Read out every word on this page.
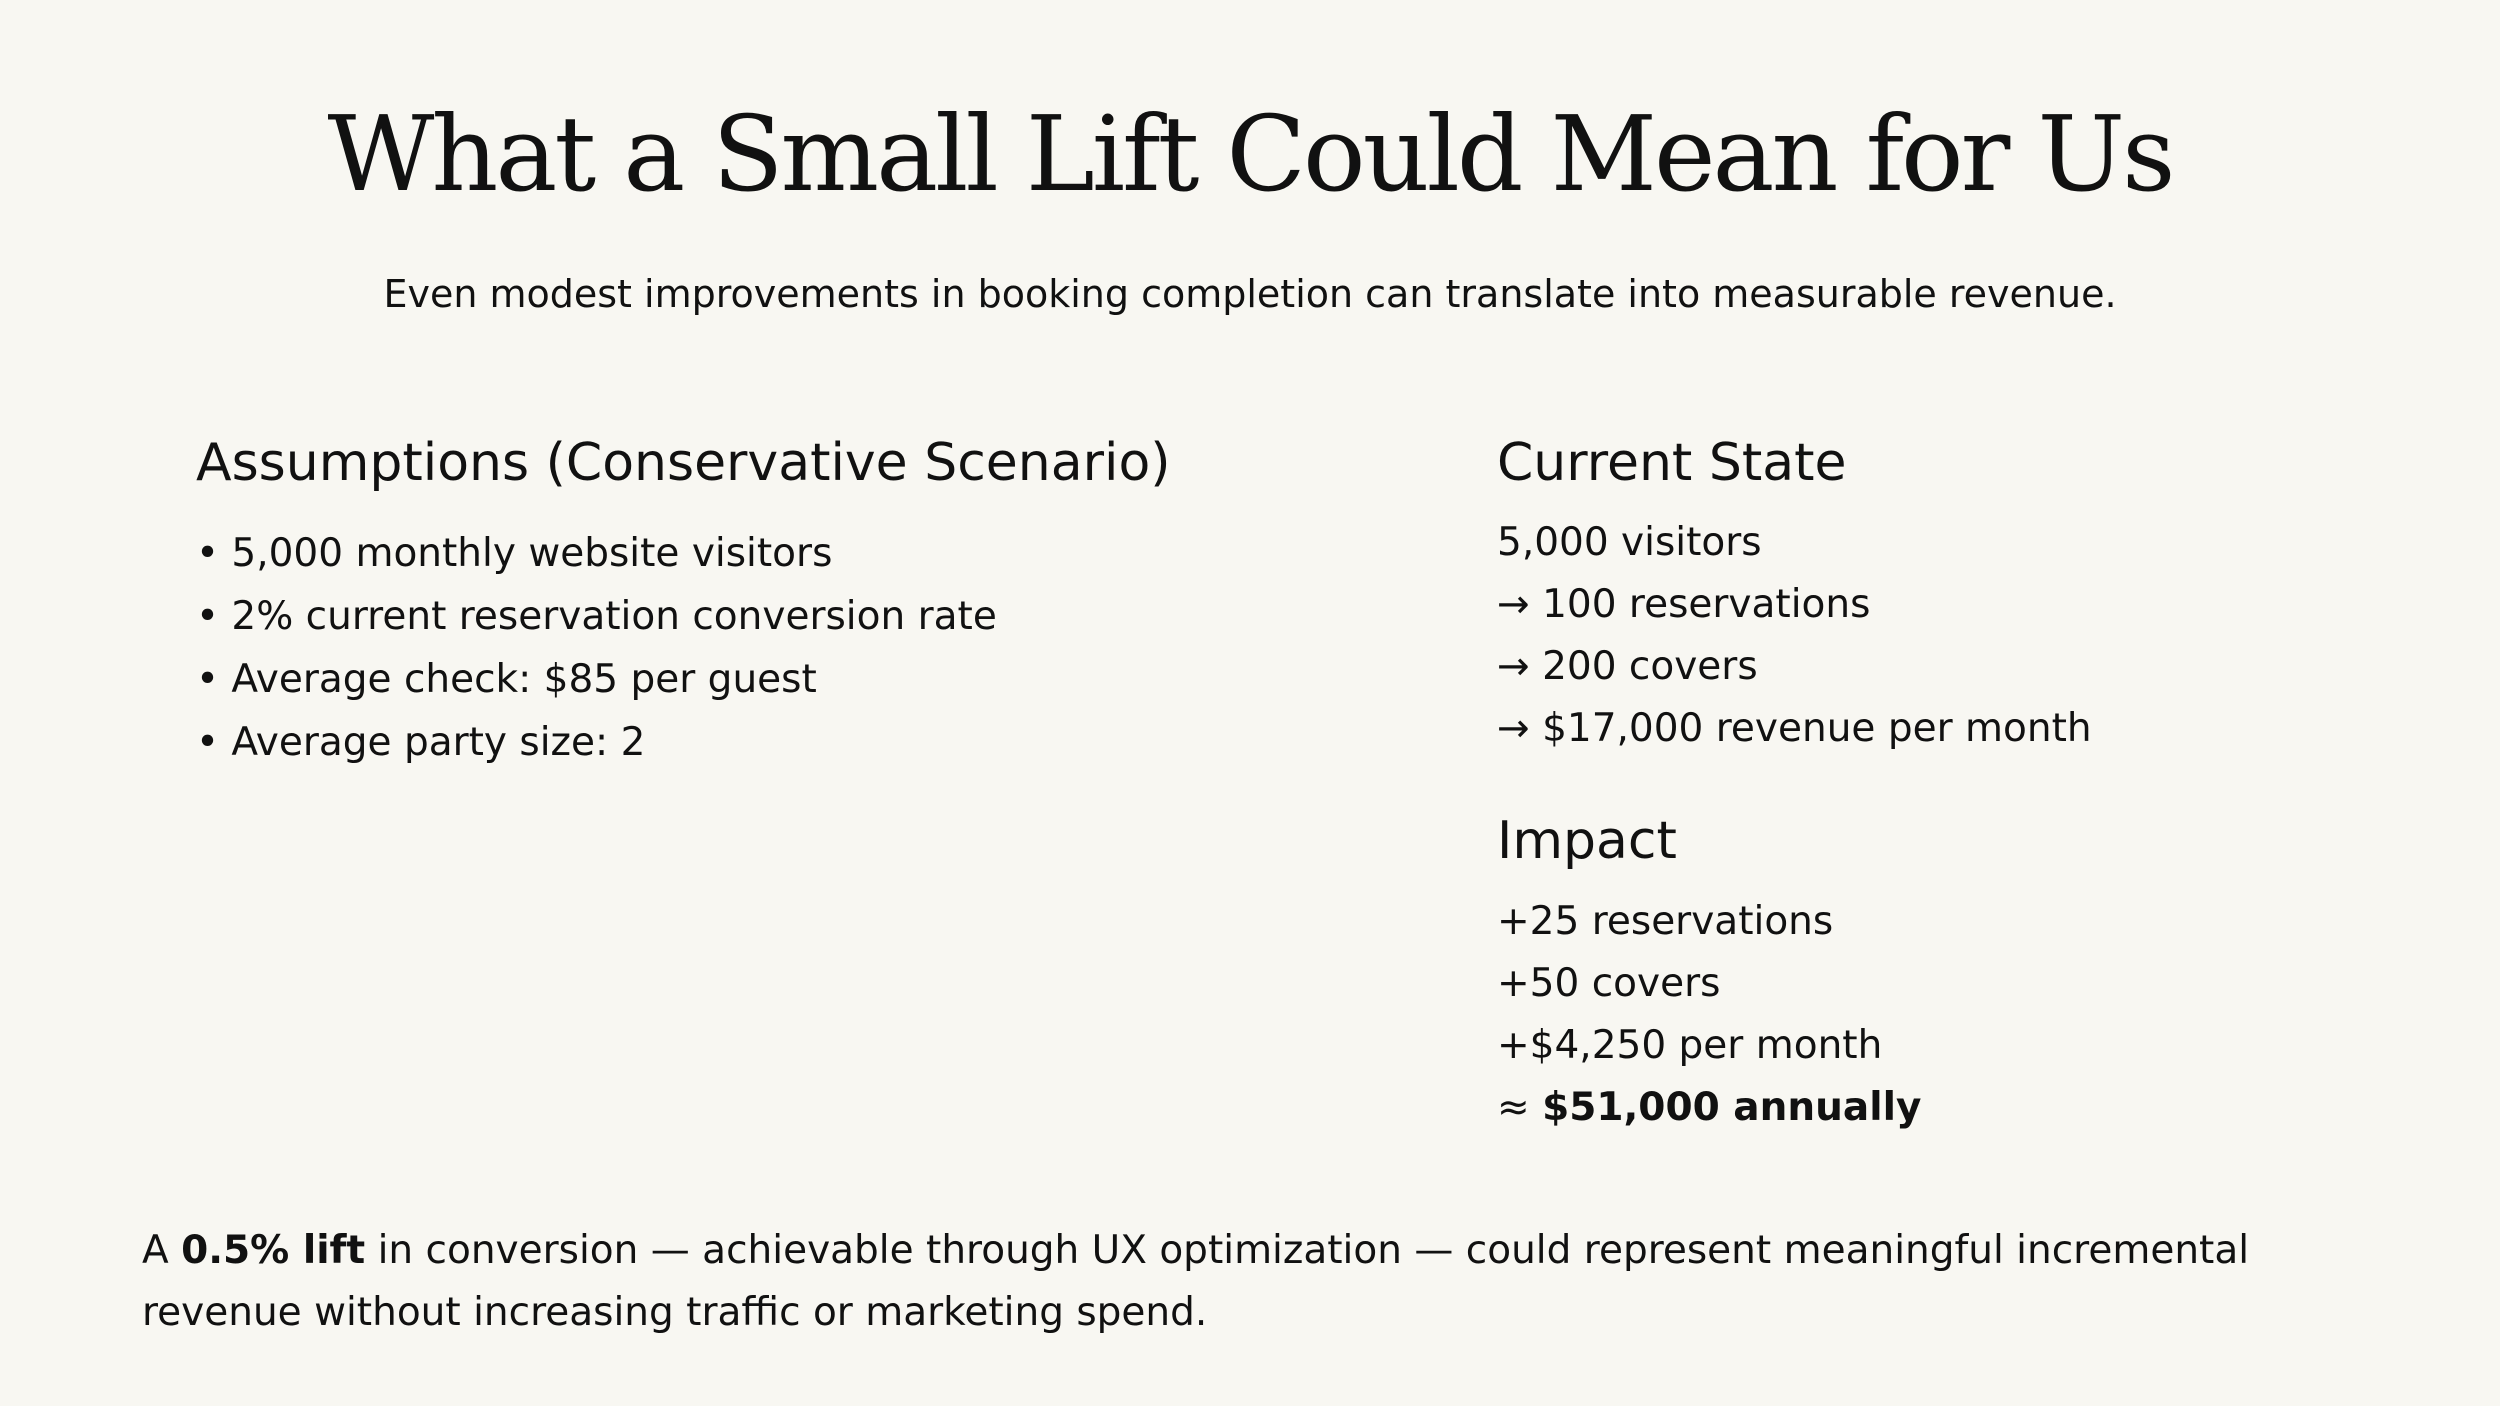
What a Small Lift Could Mean for Us

Even modest improvements in booking completion can translate into measurable revenue.

Assumptions (Conservative Scenario)
• 5,000 monthly website visitors
• 2% current reservation conversion rate
• Average check: $85 per guest
• Average party size: 2
Current State
5,000 visitors
→ 100 reservations
→ 200 covers
→ $17,000 revenue per month
Impact
+25 reservations
+50 covers
+$4,250 per month
≈ $51,000 annually

A 0.5% lift in conversion — achievable through UX optimization — could represent meaningful incremental revenue without increasing traffic or marketing spend.
